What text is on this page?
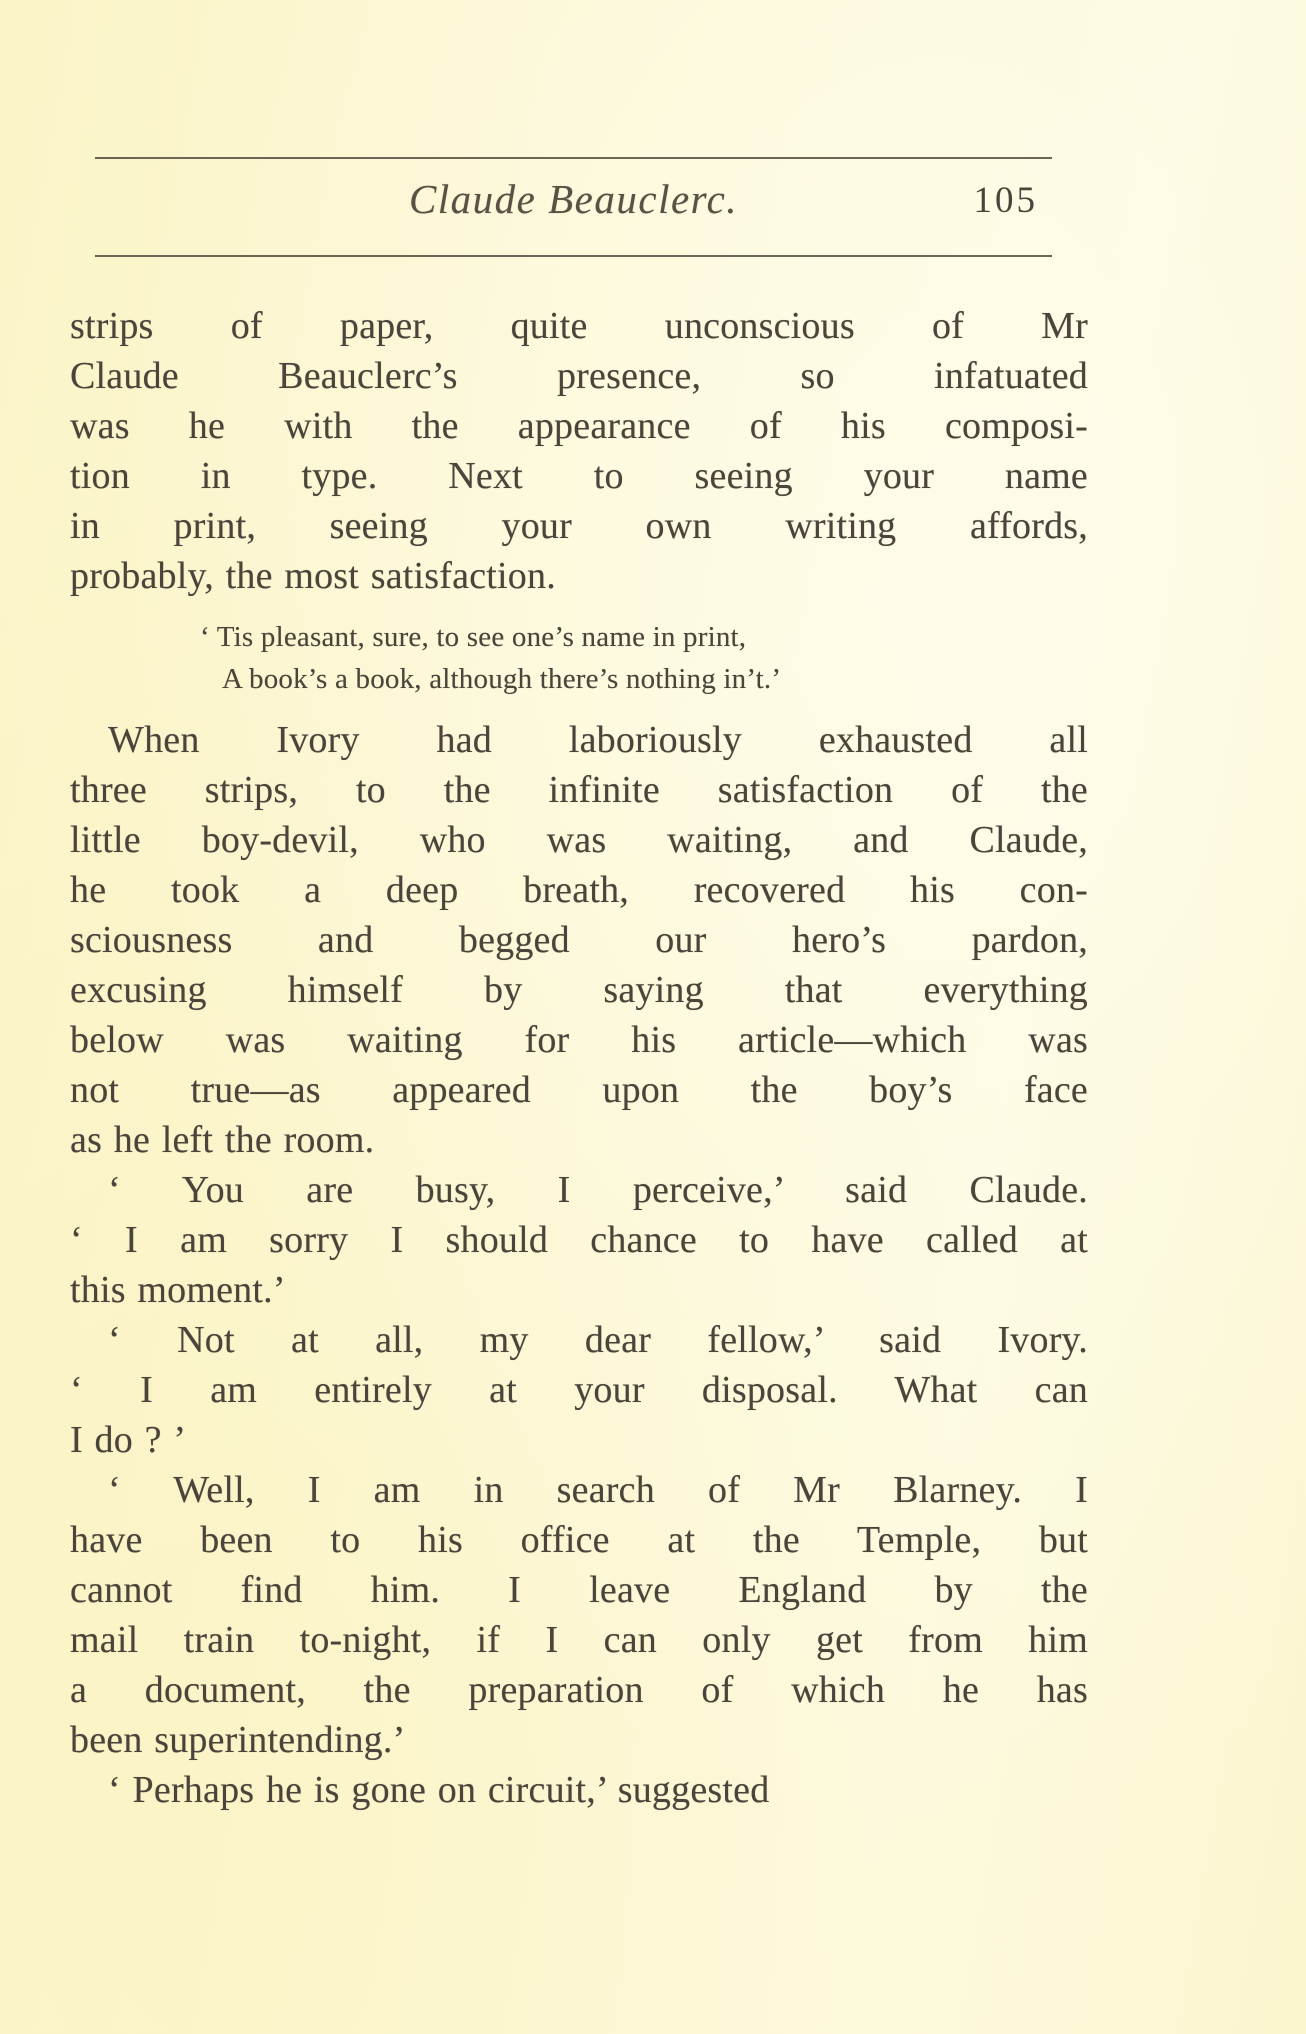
Claude Beauclerc.	105
strips of paper, quite unconscious of Mr
Claude Beauclerc’s presence, so infatuated
was he with the appearance of his composi-
tion in type. Next to seeing your name
in print, seeing your own writing affords,
probably, the most satisfaction.
‘ Tis pleasant, sure, to see one’s name in print,
A book’s a book, although there’s nothing in’t.’
When Ivory had laboriously exhausted all
three strips, to the infinite satisfaction of the
little boy-devil, who was waiting, and Claude,
he took a deep breath, recovered his con-
sciousness and begged our hero’s pardon,
excusing himself by saying that everything
below was waiting for his article—which was
not true—as appeared upon the boy’s face
as he left the room.
‘ You are busy, I perceive,’ said Claude.
‘ I am sorry I should chance to have called at
this moment.’
‘ Not at all, my dear fellow,’ said Ivory.
‘ I am entirely at your disposal. What can
I do ? ’
‘ Well, I am in search of Mr Blarney. I
have been to his office at the Temple, but
cannot find him. I leave England by the
mail train to-night, if I can only get from him
a document, the preparation of which he has
been superintending.’
‘ Perhaps he is gone on circuit,’ suggested
